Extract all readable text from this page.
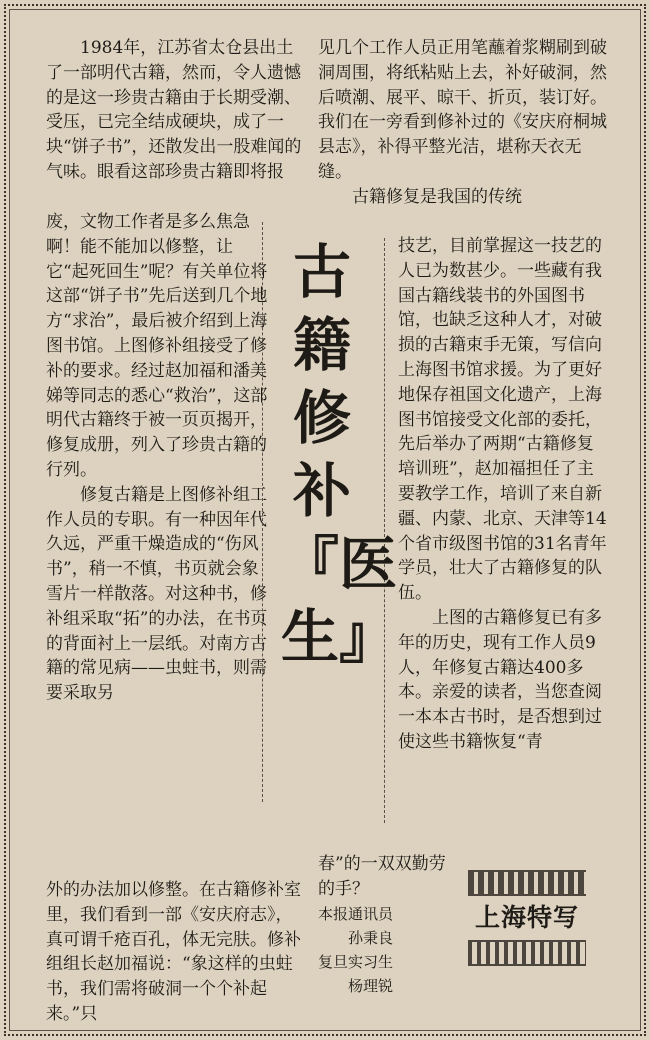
　　1984年，江苏省太仓县出土了一部明代古籍，然而，令人遗憾的是这一珍贵古籍由于长期受潮、受压，已完全结成硬块，成了一块“饼子书”，还散发出一股难闻的气味。眼看这部珍贵古籍即将报

废，文物工作者是多么焦急啊！能不能加以修整，让它“起死回生”呢？有关单位将这部“饼子书”先后送到几个地方“求治”，最后被介绍到上海图书馆。上图修补组接受了修补的要求。经过赵加福和潘美娣等同志的悉心“救治”，这部明代古籍终于被一页页揭开，修复成册，列入了珍贵古籍的行列。
　　修复古籍是上图修补组工作人员的专职。有一种因年代久远，严重干燥造成的“伤风书”，稍一不慎，书页就会象雪片一样散落。对这种书，修补组采取“拓”的办法，在书页的背面衬上一层纸。对南方古籍的常见病——虫蛀书，则需要采取另

外的办法加以修整。在古籍修补室里，我们看到一部《安庆府志》，真可谓千疮百孔，体无完肤。修补组组长赵加福说：“象这样的虫蛀书，我们需将破洞一个个补起来。”只

见几个工作人员正用笔蘸着浆糊刷到破洞周围，将纸粘贴上去，补好破洞，然后喷潮、展平、晾干、折页，装订好。我们在一旁看到修补过的《安庆府桐城县志》，补得平整光洁，堪称天衣无缝。
　　古籍修复是我国的传统

技艺，目前掌握这一技艺的人已为数甚少。一些藏有我国古籍线装书的外国图书馆，也缺乏这种人才，对破损的古籍束手无策，写信向上海图书馆求援。为了更好地保存祖国文化遗产，上海图书馆接受文化部的委托，先后举办了两期“古籍修复培训班”，赵加福担任了主要教学工作，培训了来自新疆、内蒙、北京、天津等14个省市级图书馆的31名青年学员，壮大了古籍修复的队伍。
　　上图的古籍修复已有多年的历史，现有工作人员9人，年修复古籍达400多本。亲爱的读者，当您查阅一本本古书时，是否想到过使这些书籍恢复“青

春”的一双双勤劳的手？

古
籍
修
补
『医
生』
本报通讯员
孙秉良
复旦实习生
杨理锐
上海特写
